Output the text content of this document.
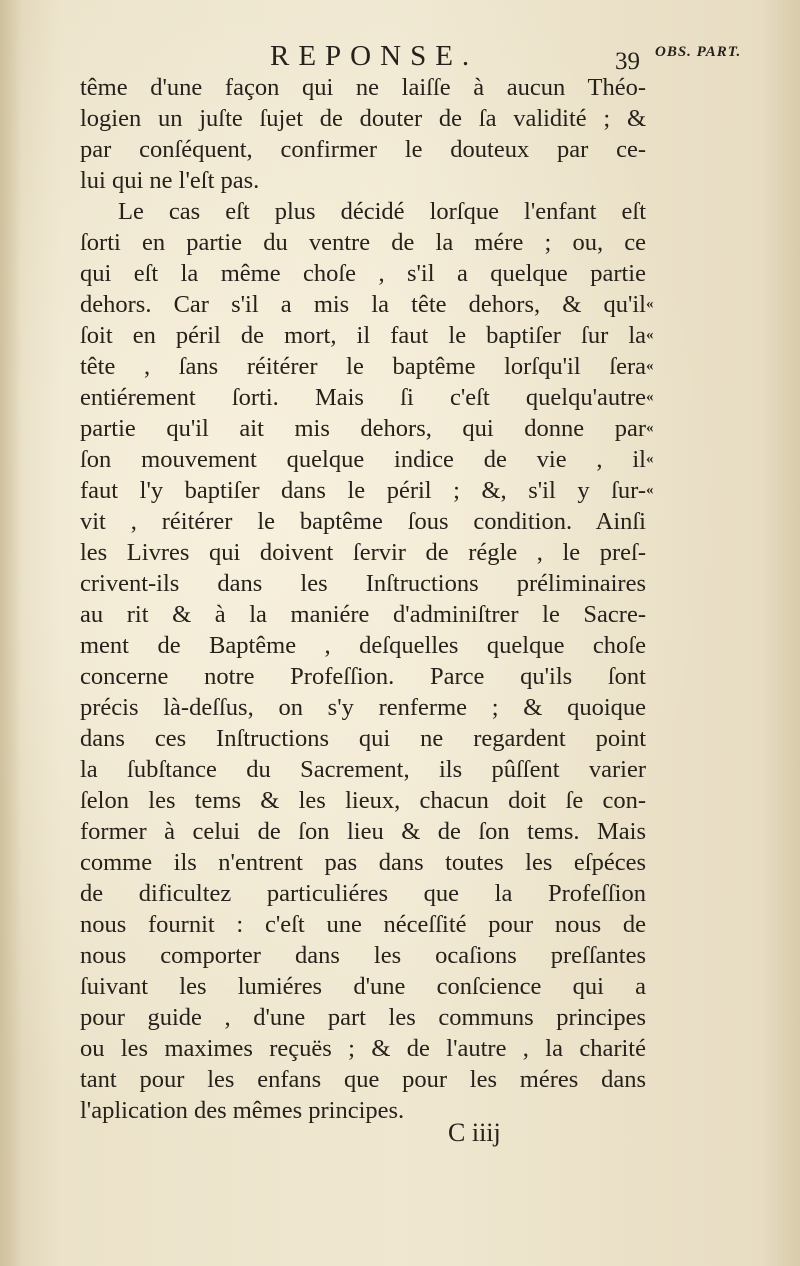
REPONSE.	39 OBS. PART.
tême d'une façon qui ne laiſſe à aucun Théo-
logien un juſte ſujet de douter de ſa validité ; &
par conſéquent, confirmer le douteux par ce-
lui qui ne l'eſt pas.
Le cas eſt plus décidé lorſque l'enfant eſt
ſorti en partie du ventre de la mére ; ou, ce
qui eſt la même choſe , s'il a quelque partie
dehors. Car s'il a mis la tête dehors, & qu'il
ſoit en péril de mort, il faut le baptiſer ſur la
tête , ſans réitérer le baptême lorſqu'il ſera
entiérement ſorti. Mais ſi c'eſt quelqu'autre
partie qu'il ait mis dehors, qui donne par
ſon mouvement quelque indice de vie , il
faut l'y baptiſer dans le péril ; &, s'il y ſur-
vit , réitérer le baptême ſous condition. Ainſi
les Livres qui doivent ſervir de régle , le preſ-
crivent-ils dans les Inſtructions préliminaires
au rit & à la maniére d'adminiſtrer le Sacre-
ment de Baptême , deſquelles quelque choſe
concerne notre Profeſſion. Parce qu'ils ſont
précis là-deſſus, on s'y renferme ; & quoique
dans ces Inſtructions qui ne regardent point
la ſubſtance du Sacrement, ils pûſſent varier
ſelon les tems & les lieux, chacun doit ſe con-
former à celui de ſon lieu & de ſon tems. Mais
comme ils n'entrent pas dans toutes les eſpéces
de dificultez particuliéres que la Profeſſion
nous fournit : c'eſt une néceſſité pour nous de
nous comporter dans les ocaſions preſſantes
ſuivant les lumiéres d'une conſcience qui a
pour guide , d'une part les communs principes
ou les maximes reçuës ; & de l'autre , la charité
tant pour les enfans que pour les méres dans
l'aplication des mêmes principes.
«
«
«
«
«
«
«
C iiij
